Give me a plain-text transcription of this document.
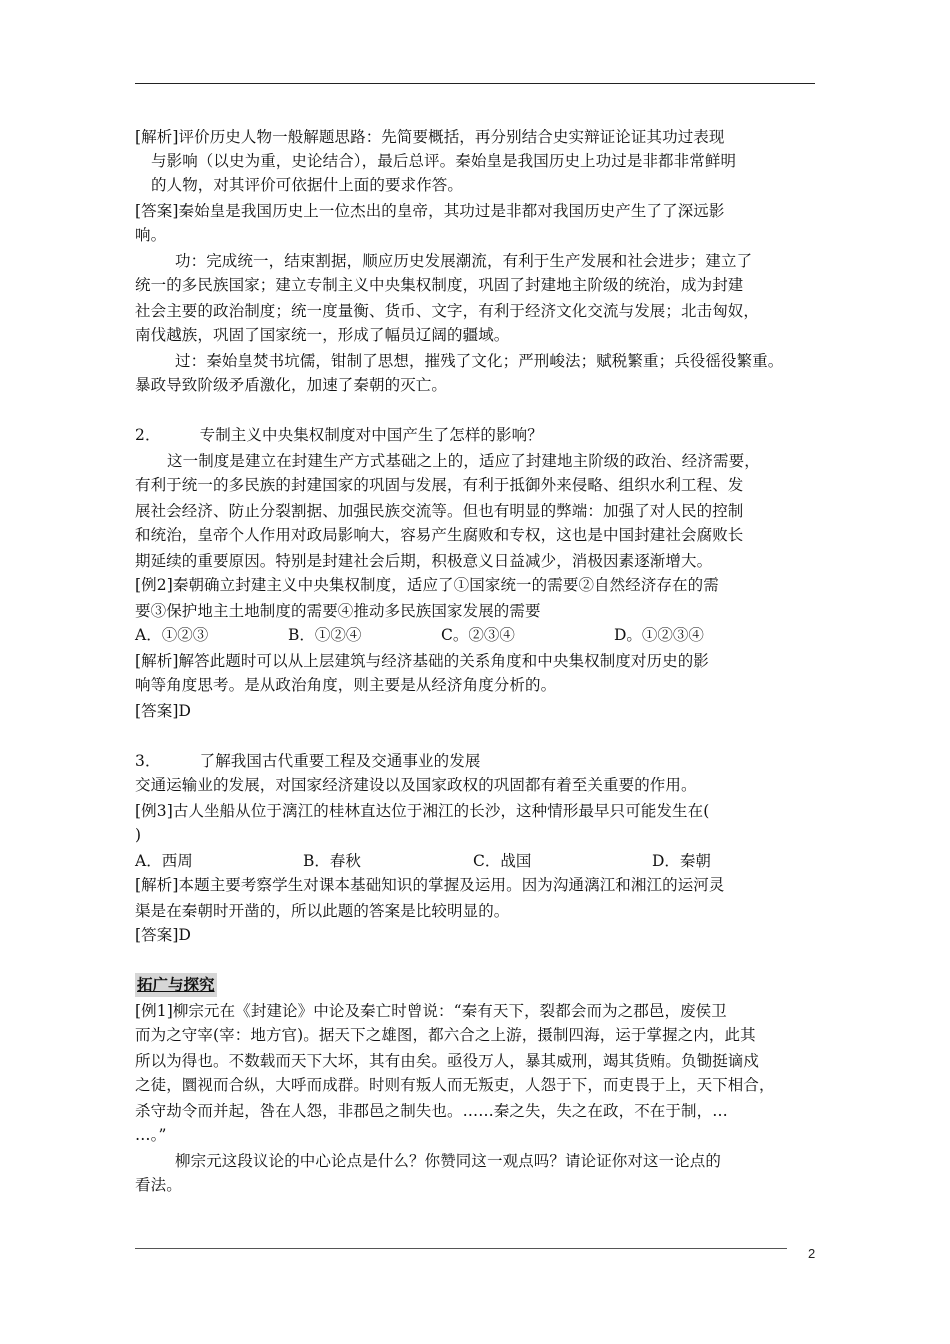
[解析]评价历史人物一般解题思路：先简要概括，再分别结合史实辩证论证其功过表现
与影响（以史为重，史论结合），最后总评。秦始皇是我国历史上功过是非都非常鲜明
的人物，对其评价可依据什上面的要求作答。
[答案]秦始皇是我国历史上一位杰出的皇帝，其功过是非都对我国历史产生了了深远影
响。
功：完成统一，结束割据，顺应历史发展潮流，有利于生产发展和社会进步；建立了
统一的多民族国家；建立专制主义中央集权制度，巩固了封建地主阶级的统治，成为封建
社会主要的政治制度；统一度量衡、货币、文字，有利于经济文化交流与发展；北击匈奴，
南伐越族，巩固了国家统一，形成了幅员辽阔的疆域。
过：秦始皇焚书坑儒，钳制了思想，摧残了文化；严刑峻法；赋税繁重；兵役徭役繁重。
暴政导致阶级矛盾激化，加速了秦朝的灭亡。
2．　　　专制主义中央集权制度对中国产生了怎样的影响？
这一制度是建立在封建生产方式基础之上的，适应了封建地主阶级的政治、经济需要，
有利于统一的多民族的封建国家的巩固与发展，有利于抵御外来侵略、组织水利工程、发
展社会经济、防止分裂割据、加强民族交流等。但也有明显的弊端：加强了对人民的控制
和统治，皇帝个人作用对政局影响大，容易产生腐败和专权，这也是中国封建社会腐败长
期延续的重要原因。特别是封建社会后期，积极意义日益减少，消极因素逐渐增大。
[例2]秦朝确立封建主义中央集权制度，适应了①国家统一的需要②自然经济存在的需
要③保护地主土地制度的需要④推动多民族国家发展的需要
A．①②③	B．①②④	C。②③④	D。①②③④
[解析]解答此题时可以从上层建筑与经济基础的关系角度和中央集权制度对历史的影
响等角度思考。是从政治角度，则主要是从经济角度分析的。
[答案]D
3．　　　了解我国古代重要工程及交通事业的发展
交通运输业的发展，对国家经济建设以及国家政权的巩固都有着至关重要的作用。
[例3]古人坐船从位于漓江的桂林直达位于湘江的长沙，这种情形最早只可能发生在(
)
A．西周	B．春秋	C．战国	D．秦朝
[解析]本题主要考察学生对课本基础知识的掌握及运用。因为沟通漓江和湘江的运河灵
渠是在秦朝时开凿的，所以此题的答案是比较明显的。
[答案]D
拓广与探究
[例1]柳宗元在《封建论》中论及秦亡时曾说：“秦有天下，裂都会而为之郡邑，废侯卫
而为之守宰(宰：地方官)。据天下之雄图，都六合之上游，摄制四海，运于掌握之内，此其
所以为得也。不数载而天下大坏，其有由矣。亟役万人，暴其威刑，竭其货贿。负锄挺谪戍
之徒，圜视而合纵，大呼而成群。时则有叛人而无叛吏，人怨于下，而吏畏于上，天下相合，
杀守劫令而并起，咎在人怨，非郡邑之制失也。……秦之失，失之在政，不在于制，…
…。”
柳宗元这段议论的中心论点是什么？你赞同这一观点吗？请论证你对这一论点的
看法。
2
